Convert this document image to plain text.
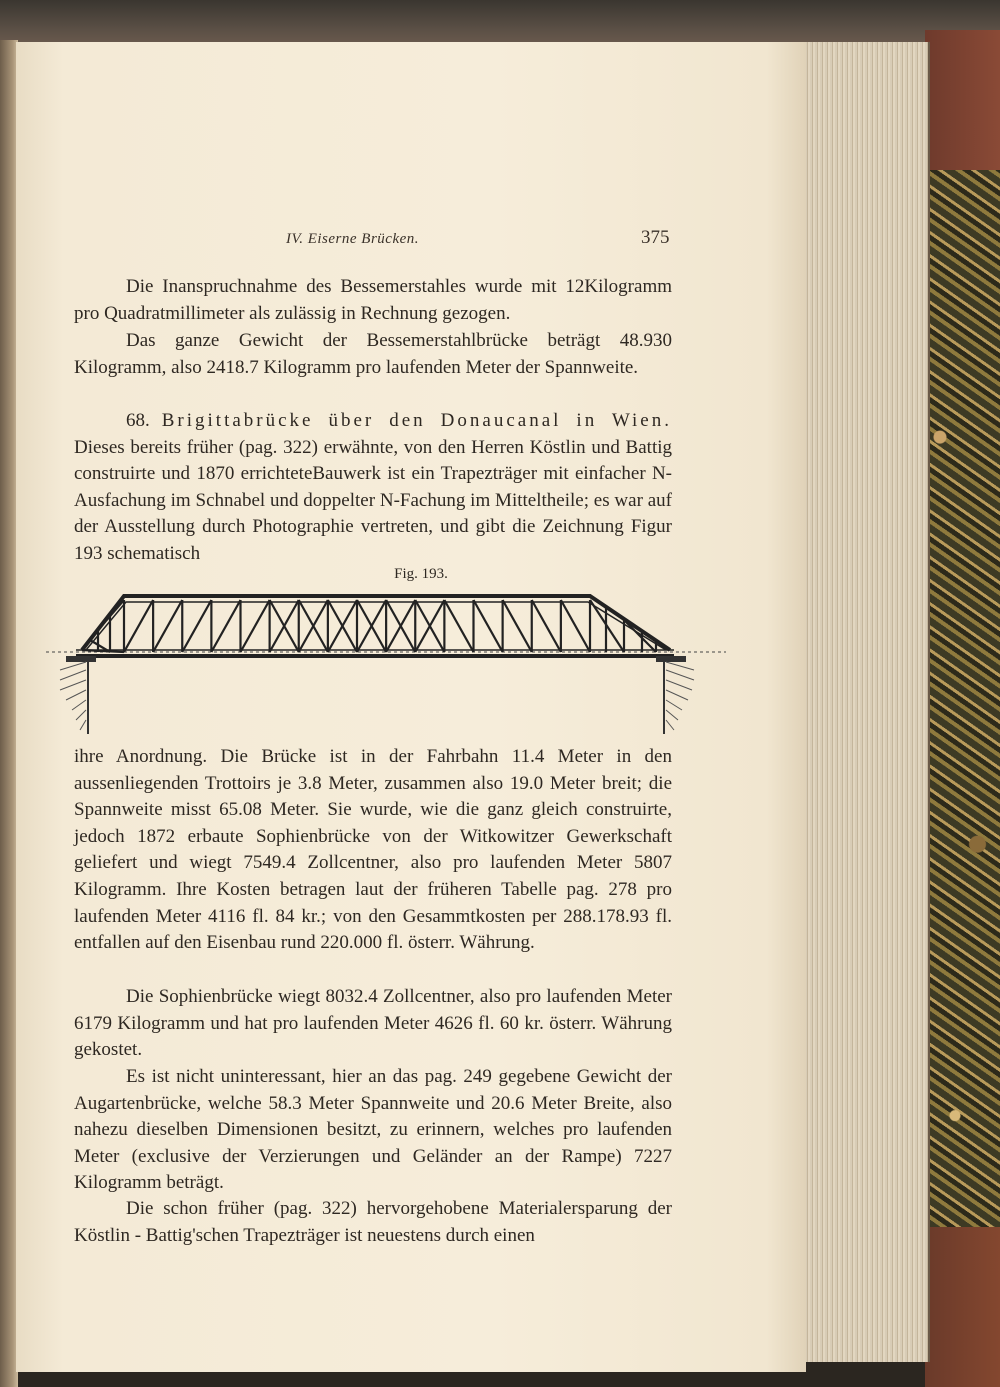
IV. Eiserne Brücken.	375

Die Inanspruchnahme des Bessemerstahles wurde mit 12Kilogramm pro Quadratmillimeter als zulässig in Rechnung gezogen.

Das ganze Gewicht der Bessemerstahlbrücke beträgt 48.930 Kilogramm, also 2418.7 Kilogramm pro laufenden Meter der Spannweite.

68. Brigittabrücke über den Donaucanal in Wien. Dieses bereits früher (pag. 322) erwähnte, von den Herren Köstlin und Battig construirte und 1870 errichteteBauwerk ist ein Trapezträger mit einfacher N-Ausfachung im Schnabel und doppelter N-Fachung im Mitteltheile; es war auf der Ausstellung durch Photographie vertreten, und gibt die Zeichnung Figur 193 schematisch

Fig. 193.

ihre Anordnung. Die Brücke ist in der Fahrbahn 11.4 Meter in den aussenliegenden Trottoirs je 3.8 Meter, zusammen also 19.0 Meter breit; die Spannweite misst 65.08 Meter. Sie wurde, wie die ganz gleich construirte, jedoch 1872 erbaute Sophienbrücke von der Witkowitzer Gewerkschaft geliefert und wiegt 7549.4 Zollcentner, also pro laufenden Meter 5807 Kilogramm. Ihre Kosten betragen laut der früheren Tabelle pag. 278 pro laufenden Meter 4116 fl. 84 kr.; von den Gesammtkosten per 288.178.93 fl. entfallen auf den Eisenbau rund 220.000 fl. österr. Währung.

Die Sophienbrücke wiegt 8032.4 Zollcentner, also pro laufenden Meter 6179 Kilogramm und hat pro laufenden Meter 4626 fl. 60 kr. österr. Währung gekostet.

Es ist nicht uninteressant, hier an das pag. 249 gegebene Gewicht der Augartenbrücke, welche 58.3 Meter Spannweite und 20.6 Meter Breite, also nahezu dieselben Dimensionen besitzt, zu erinnern, welches pro laufenden Meter (exclusive der Verzierungen und Geländer an der Rampe) 7227 Kilogramm beträgt.

Die schon früher (pag. 322) hervorgehobene Materialersparung der Köstlin - Battig'schen Trapezträger ist neuestens durch einen
